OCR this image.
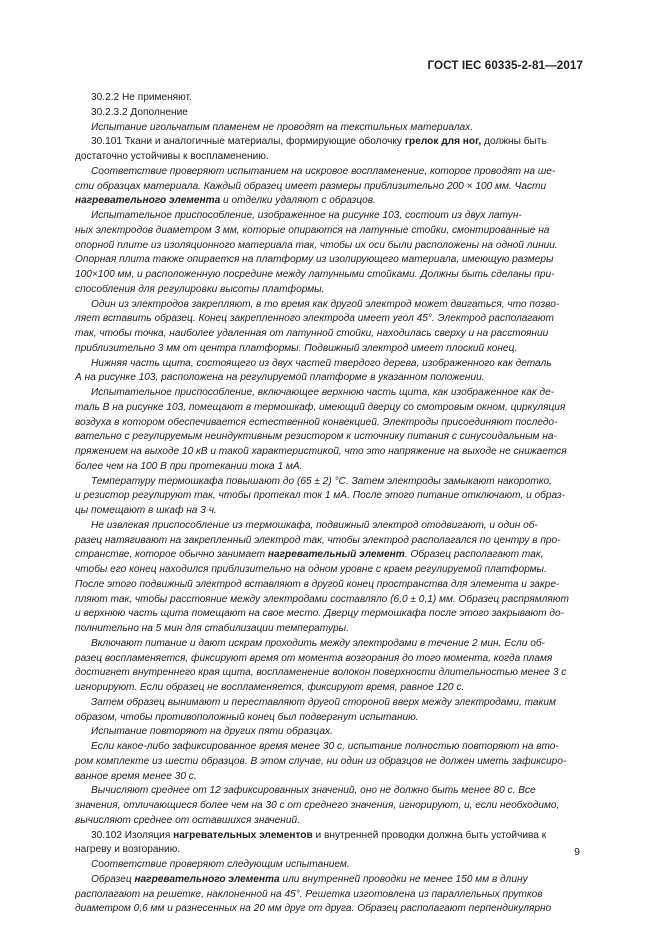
ГОСТ IEC 60335-2-81—2017
30.2.2 Не применяют.
30.2.3.2 Дополнение
Испытание игольчатым пламенем не проводят на текстильных материалах.
30.101 Ткани и аналогичные материалы, формирующие оболочку грелок для ног, должны быть
достаточно устойчивы к воспламенению.
Соответствие проверяют испытанием на искровое воспламенение, которое проводят на ше-
сти образцах материала. Каждый образец имеет размеры приблизительно 200 × 100 мм. Части
нагревательного элемента и отделки удаляют с образцов.
Испытательное приспособление, изображенное на рисунке 103, состоит из двух латун-
ных электродов диаметром 3 мм, которые опираются на латунные стойки, смонтированные на
опорной плите из изоляционного материала так, чтобы их оси были расположены на одной линии.
Опорная плита также опирается на платформу из изолирующего материала, имеющую размеры
100×100 мм, и расположенную посредине между латунными стойками. Должны быть сделаны при-
способления для регулировки высоты платформы.
Один из электродов закрепляют, в то время как другой электрод может двигаться, что позво-
ляет вставить образец. Конец закрепленного электрода имеет угол 45°. Электрод располагают
так, чтобы точка, наиболее удаленная от латунной стойки, находилась сверху и на расстоянии
приблизительно 3 мм от центра платформы. Подвижный электрод имеет плоский конец.
Нижняя часть щита, состоящего из двух частей твердого дерева, изображенного как деталь
А на рисунке 103, расположена на регулируемой платформе в указанном положении.
Испытательное приспособление, включающее верхнюю часть щита, как изображенное как де-
таль В на рисунке 103, помещают в термошкаф, имеющий дверцу со смотровым окном, циркуляция
воздуха в котором обеспечивается естественной конвекцией. Электроды присоединяют последо-
вательно с регулируемым неиндуктивным резистором к источнику питания с синусоидальным на-
пряжением на выходе 10 кВ и такой характеристикой, что это напряжение на выходе не снижается
более чем на 100 В при протекании тока 1 мА.
Температуру термошкафа повышают до (65 ± 2) °С. Затем электроды замыкают накоротко,
и резистор регулируют так, чтобы протекал ток 1 мА. После этого питание отключают, и образ-
цы помещают в шкаф на 3 ч.
Не извлекая приспособление из термошкафа, подвижный электрод отодвигают, и один об-
разец натягивают на закрепленный электрод так, чтобы электрод располагался по центру в про-
странстве, которое обычно занимает нагревательный элемент. Образец располагают так,
чтобы его конец находился приблизительно на одном уровне с краем регулируемой платформы.
После этого подвижный электрод вставляют в другой конец пространства для элемента и закре-
пляют так, чтобы расстояние между электродами составляло (6,0 ± 0,1) мм. Образец распрямляют
и верхнюю часть щита помещают на свое место. Дверцу термошкафа после этого закрывают до-
полнительно на 5 мин для стабилизации температуры.
Включают питание и дают искрам проходить между электродами в течение 2 мин. Если об-
разец воспламеняется, фиксируют время от момента возгорания до того момента, когда пламя
достигнет внутреннего края щита, воспламенение волокон поверхности длительностью менее 3 с
игнорируют. Если образец не воспламеняется, фиксируют время, равное 120 с.
Затем образец вынимают и переставляют другой стороной вверх между электродами, таким
образом, чтобы противоположный конец был подвергнут испытанию.
Испытание повторяют на других пяти образцах.
Если какое-либо зафиксированное время менее 30 с, испытание полностью повторяют на вто-
ром комплекте из шести образцов. В этом случае, ни один из образцов не должен иметь зафиксиро-
ванное время менее 30 с.
Вычисляют среднее от 12 зафиксированных значений, оно не должно быть менее 80 с. Все
значения, отличающиеся более чем на 30 с от среднего значения, игнорируют, и, если необходимо,
вычисляют среднее от оставшихся значений.
30.102 Изоляция нагревательных элементов и внутренней проводки должна быть устойчива к
нагреву и возгоранию.
Соответствие проверяют следующим испытанием.
Образец нагревательного элемента или внутренней проводки не менее 150 мм в длину
располагают на решетке, наклоненной на 45°. Решетка изготовлена из параллельных прутков
диаметром 0,6 мм и разнесенных на 20 мм друг от друга. Образец располагают перпендикулярно
9
